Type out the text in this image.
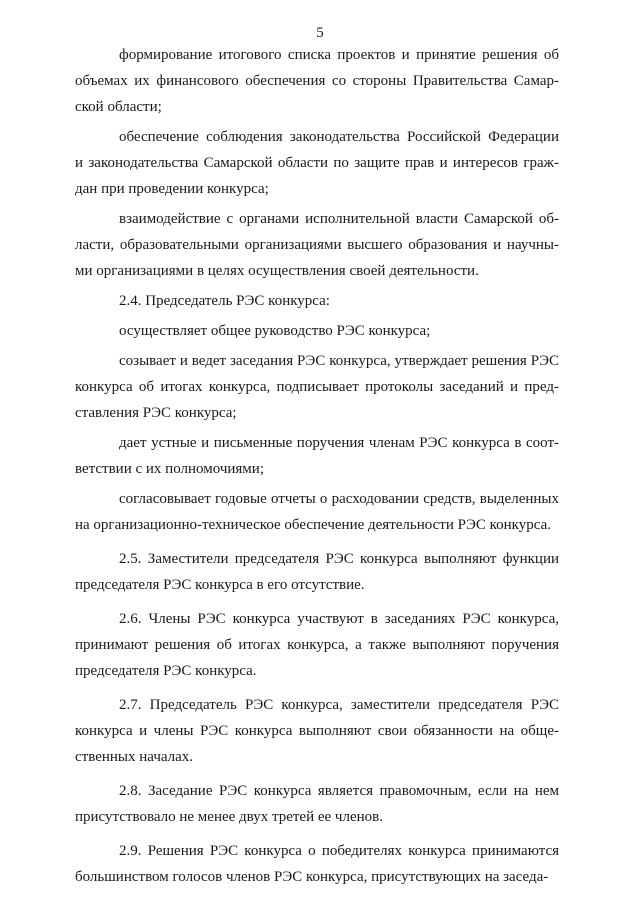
5
формирование итогового списка проектов и принятие решения об
объемах их финансового обеспечения со стороны Правительства Самар-
ской области;
обеспечение соблюдения законодательства Российской Федерации
и законодательства Самарской области по защите прав и интересов граж-
дан при проведении конкурса;
взаимодействие с органами исполнительной власти Самарской об-
ласти, образовательными организациями высшего образования и научны-
ми организациями в целях осуществления своей деятельности.
2.4. Председатель РЭС конкурса:
осуществляет общее руководство РЭС конкурса;
созывает и ведет заседания РЭС конкурса, утверждает решения РЭС
конкурса об итогах конкурса, подписывает протоколы заседаний и пред-
ставления РЭС конкурса;
дает устные и письменные поручения членам РЭС конкурса в соот-
ветствии с их полномочиями;
согласовывает годовые отчеты о расходовании средств, выделенных
на организационно-техническое обеспечение деятельности РЭС конкурса.
2.5. Заместители председателя РЭС конкурса выполняют функции
председателя РЭС конкурса в его отсутствие.
2.6. Члены РЭС конкурса участвуют в заседаниях РЭС конкурса,
принимают решения об итогах конкурса, а также выполняют поручения
председателя РЭС конкурса.
2.7. Председатель РЭС конкурса, заместители председателя РЭС
конкурса и члены РЭС конкурса выполняют свои обязанности на обще-
ственных началах.
2.8. Заседание РЭС конкурса является правомочным, если на нем
присутствовало не менее двух третей ее членов.
2.9. Решения РЭС конкурса о победителях конкурса принимаются
большинством голосов членов РЭС конкурса, присутствующих на заседа-
